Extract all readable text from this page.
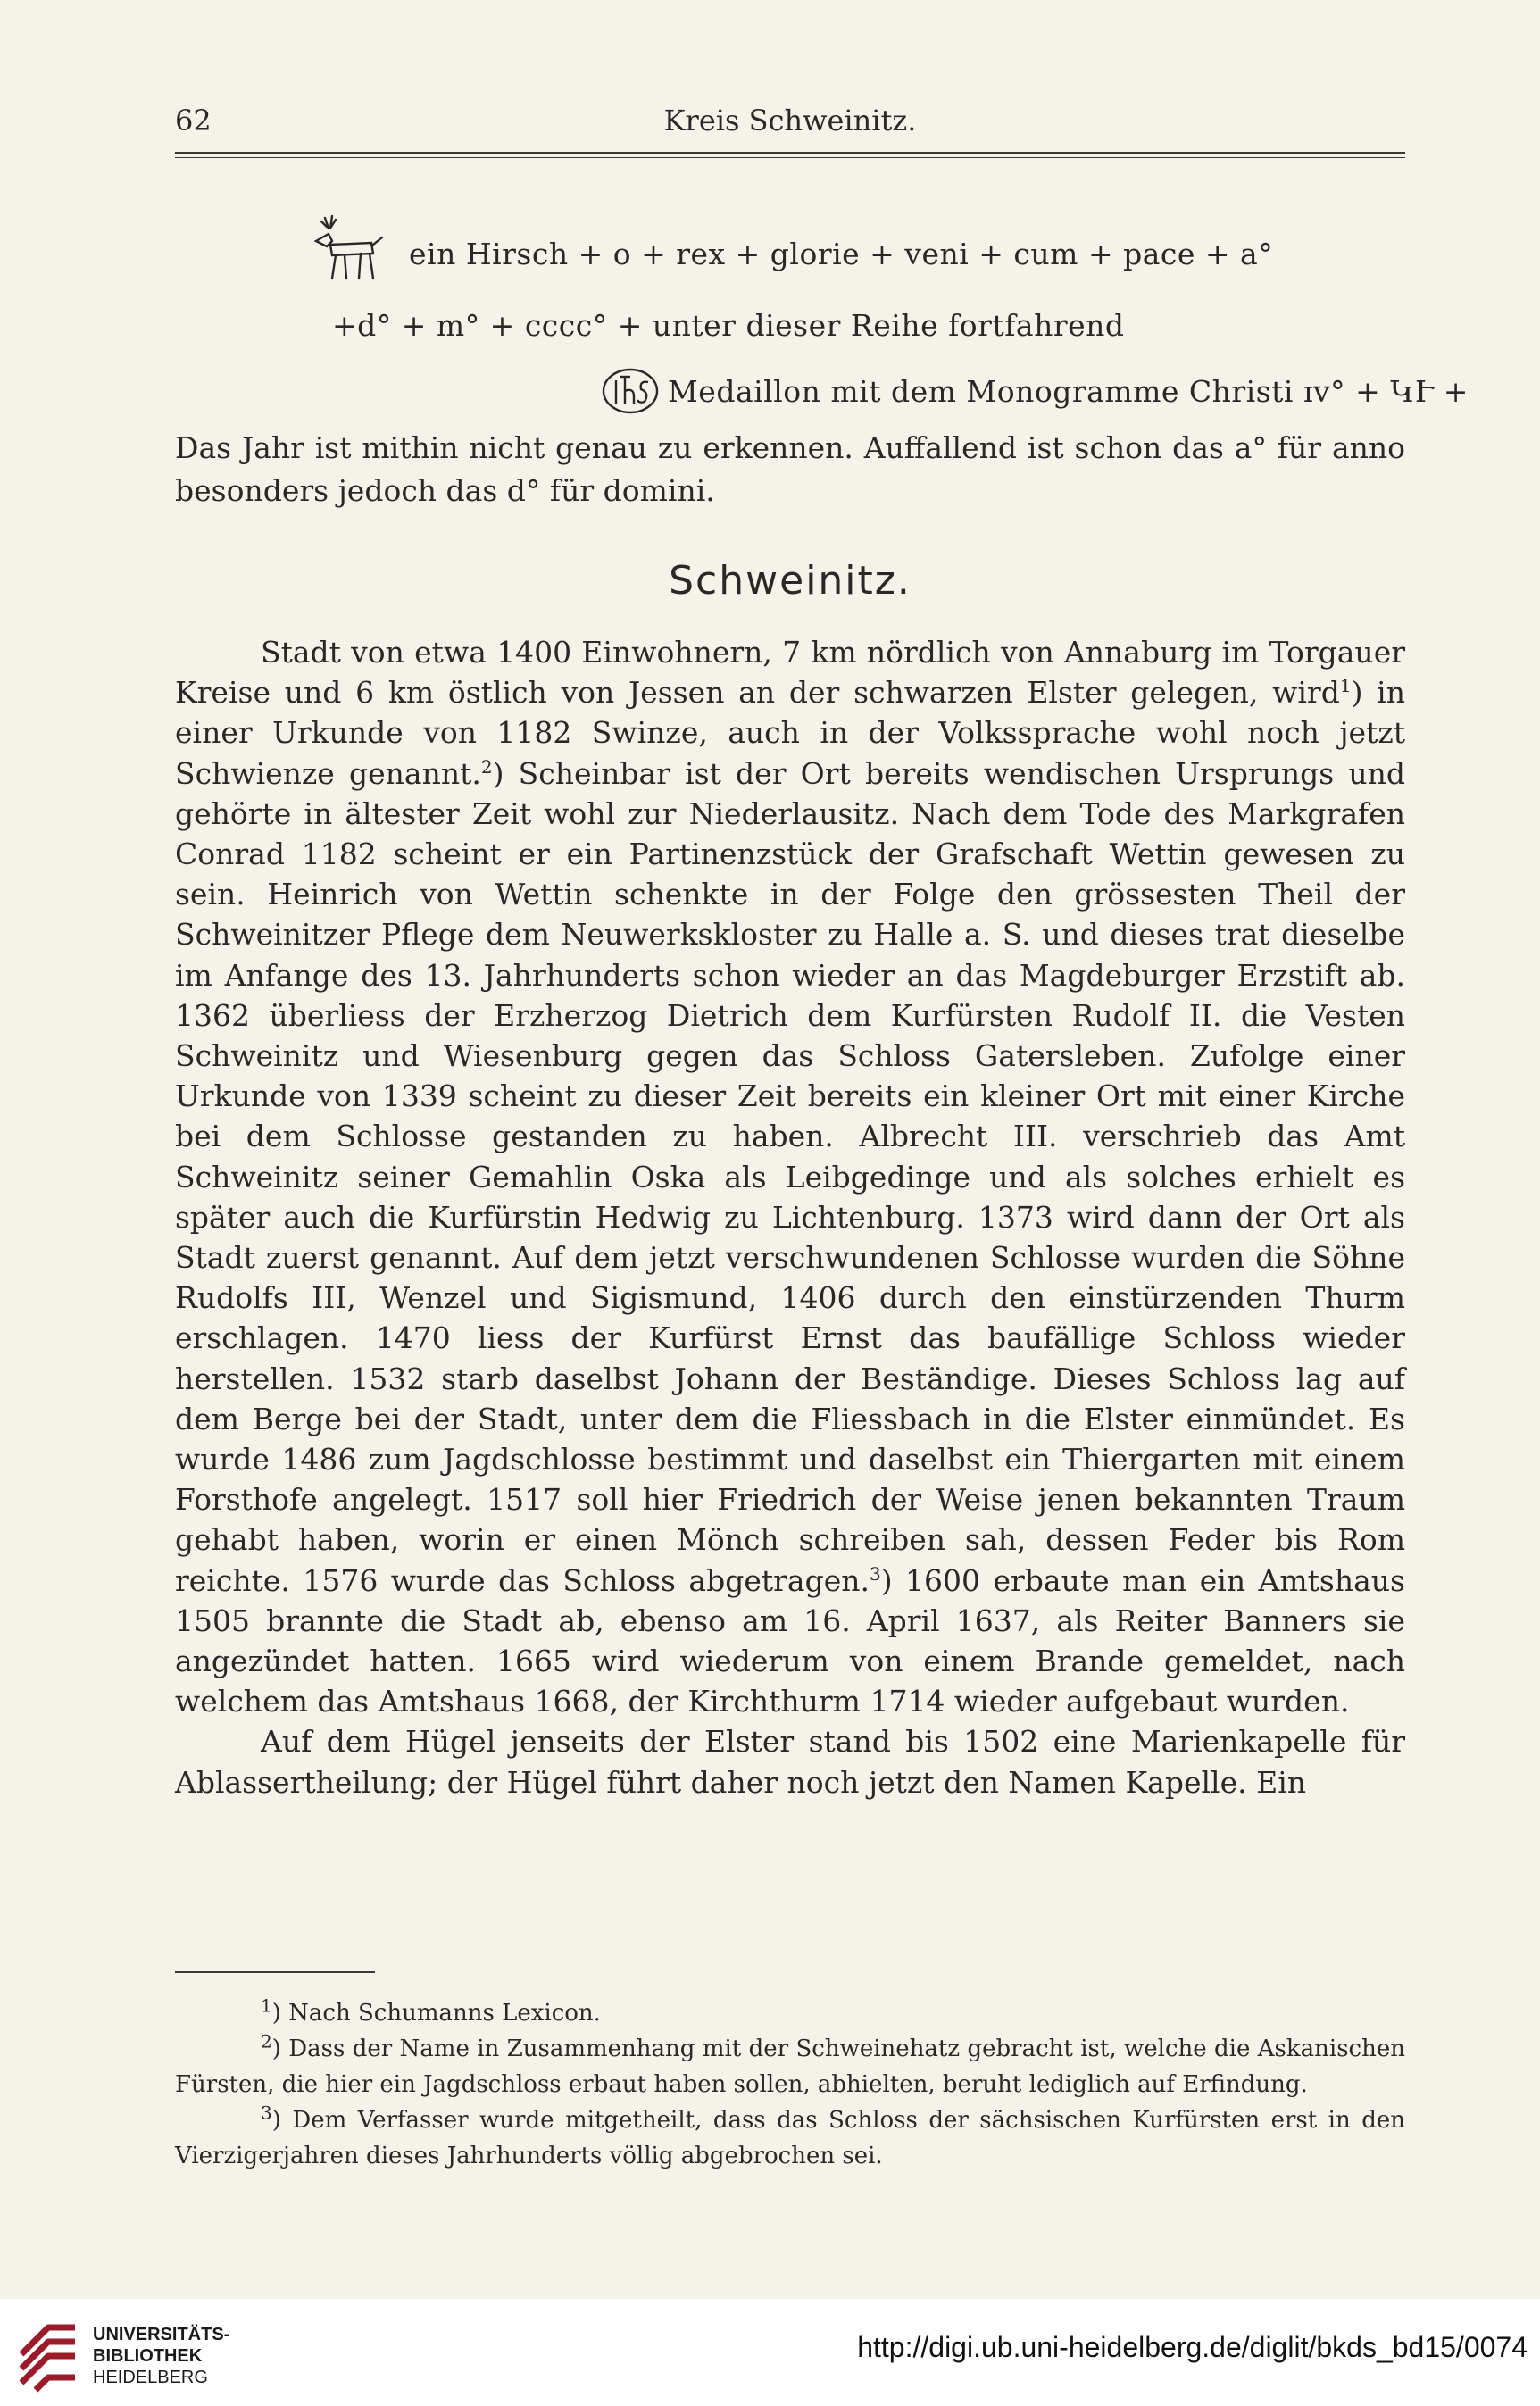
62	Kreis Schweinitz.
ein Hirsch + o + rex + glorie + veni + cum + pace + a°
+d° + m° + cccc° + unter dieser Reihe fortfahrend
Medaillon mit dem Monogramme Christi ɪv° + ԿՒ +
Das Jahr ist mithin nicht genau zu erkennen. Auffallend ist schon das a° für anno besonders jedoch das d° für domini.
Schweinitz.

Stadt von etwa 1400 Einwohnern, 7 km nördlich von Annaburg im Torgauer Kreise und 6 km östlich von Jessen an der schwarzen Elster gelegen, wird$^1$) in einer Urkunde von 1182 Swinze, auch in der Volkssprache wohl noch jetzt Schwienze genannt.$^2$) Scheinbar ist der Ort bereits wendischen Ursprungs und gehörte in ältester Zeit wohl zur Niederlausitz. Nach dem Tode des Markgrafen Conrad 1182 scheint er ein Partinenzstück der Grafschaft Wettin gewesen zu sein. Heinrich von Wettin schenkte in der Folge den grössesten Theil der Schweinitzer Pflege dem Neuwerkskloster zu Halle a. S. und dieses trat dieselbe im Anfange des 13. Jahrhunderts schon wieder an das Magdeburger Erzstift ab. 1362 überliess der Erzherzog Dietrich dem Kurfürsten Rudolf II. die Vesten Schweinitz und Wiesenburg gegen das Schloss Gatersleben. Zufolge einer Urkunde von 1339 scheint zu dieser Zeit bereits ein kleiner Ort mit einer Kirche bei dem Schlosse gestanden zu haben. Albrecht III. verschrieb das Amt Schweinitz seiner Gemahlin Oska als Leibgedinge und als solches erhielt es später auch die Kurfürstin Hedwig zu Lichtenburg. 1373 wird dann der Ort als Stadt zuerst genannt. Auf dem jetzt verschwundenen Schlosse wurden die Söhne Rudolfs III, Wenzel und Sigismund, 1406 durch den einstürzenden Thurm erschlagen. 1470 liess der Kurfürst Ernst das baufällige Schloss wieder herstellen. 1532 starb daselbst Johann der Beständige. Dieses Schloss lag auf dem Berge bei der Stadt, unter dem die Fliessbach in die Elster einmündet. Es wurde 1486 zum Jagdschlosse bestimmt und daselbst ein Thiergarten mit einem Forsthofe angelegt. 1517 soll hier Friedrich der Weise jenen bekannten Traum gehabt haben, worin er einen Mönch schreiben sah, dessen Feder bis Rom reichte. 1576 wurde das Schloss abgetragen.$^3$) 1600 erbaute man ein Amtshaus 1505 brannte die Stadt ab, ebenso am 16. April 1637, als Reiter Banners sie angezündet hatten. 1665 wird wiederum von einem Brande gemeldet, nach welchem das Amtshaus 1668, der Kirchthurm 1714 wieder aufgebaut wurden.

Auf dem Hügel jenseits der Elster stand bis 1502 eine Marienkapelle für Ablassertheilung; der Hügel führt daher noch jetzt den Namen Kapelle. Ein

$^1$) Nach Schumanns Lexicon.

$^2$) Dass der Name in Zusammenhang mit der Schweinehatz gebracht ist, welche die Askanischen Fürsten, die hier ein Jagdschloss erbaut haben sollen, abhielten, beruht lediglich auf Erfindung.

$^3$) Dem Verfasser wurde mitgetheilt, dass das Schloss der sächsischen Kurfürsten erst in den Vierzigerjahren dieses Jahrhunderts völlig abgebrochen sei.

UNIVERSITÄTS-
BIBLIOTHEK
HEIDELBERG
http://digi.ub.uni-heidelberg.de/diglit/bkds_bd15/0074
